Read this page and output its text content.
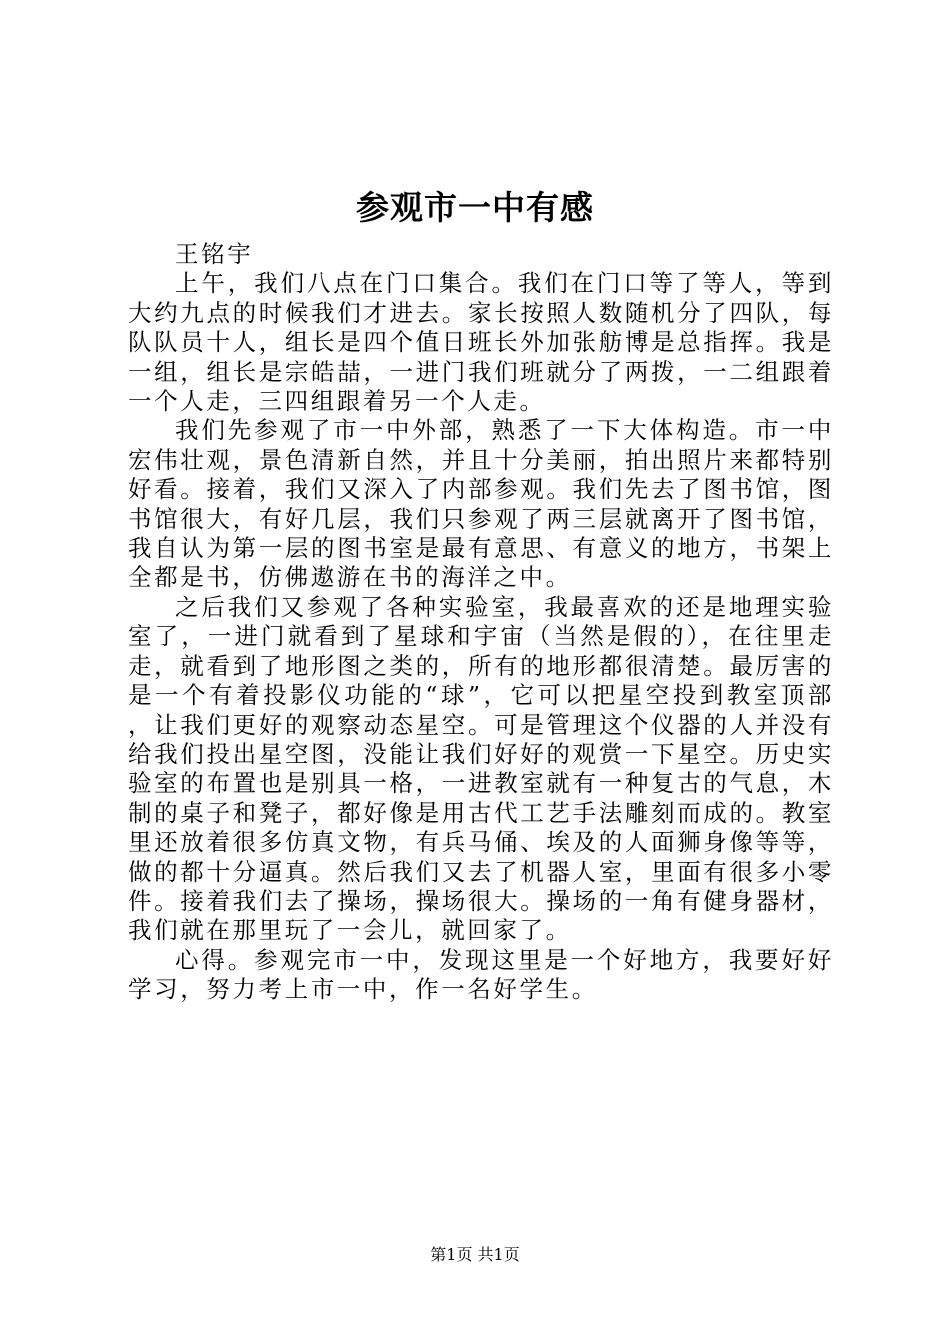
参观市一中有感

王铭宇

上午，我们八点在门口集合。我们在门口等了等人，等到大约九点的时候我们才进去。家长按照人数随机分了四队，每队队员十人，组长是四个值日班长外加张舫博是总指挥。我是一组，组长是宗皓喆，一进门我们班就分了两拨，一二组跟着一个人走，三四组跟着另一个人走。

我们先参观了市一中外部，熟悉了一下大体构造。市一中宏伟壮观，景色清新自然，并且十分美丽，拍出照片来都特别好看。接着，我们又深入了内部参观。我们先去了图书馆，图书馆很大，有好几层，我们只参观了两三层就离开了图书馆，我自认为第一层的图书室是最有意思、有意义的地方，书架上全都是书，仿佛遨游在书的海洋之中。

之后我们又参观了各种实验室，我最喜欢的还是地理实验室了，一进门就看到了星球和宇宙（当然是假的），在往里走走，就看到了地形图之类的，所有的地形都很清楚。最厉害的是一个有着投影仪功能的“球”，它可以把星空投到教室顶部，让我们更好的观察动态星空。可是管理这个仪器的人并没有给我们投出星空图，没能让我们好好的观赏一下星空。历史实验室的布置也是别具一格，一进教室就有一种复古的气息，木制的桌子和凳子，都好像是用古代工艺手法雕刻而成的。教室里还放着很多仿真文物，有兵马俑、埃及的人面狮身像等等，做的都十分逼真。然后我们又去了机器人室，里面有很多小零件。接着我们去了操场，操场很大。操场的一角有健身器材，我们就在那里玩了一会儿，就回家了。

心得。参观完市一中，发现这里是一个好地方，我要好好学习，努力考上市一中，作一名好学生。

第1页 共1页
